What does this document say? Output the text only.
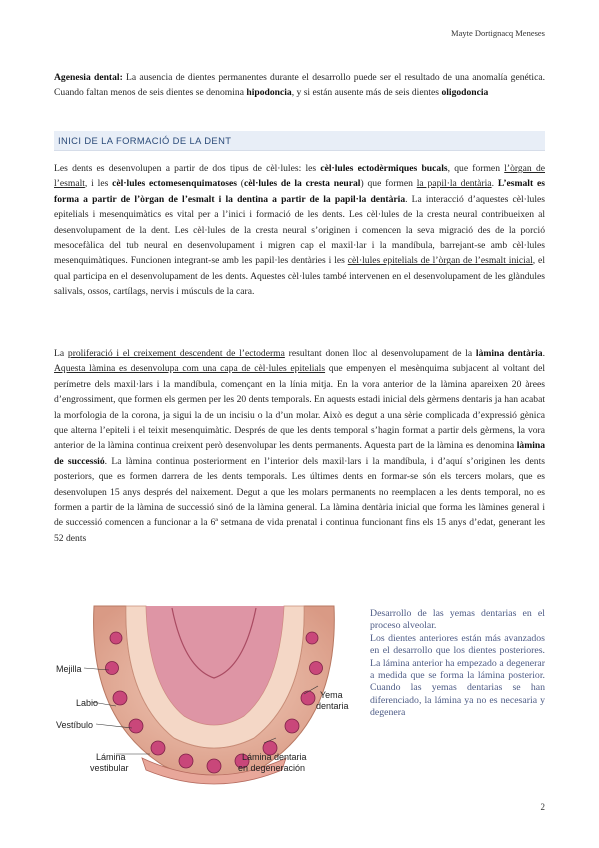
Mayte Dortignacq Meneses
Agenesia dental: La ausencia de dientes permanentes durante el desarrollo puede ser el resultado de una anomalía genética. Cuando faltan menos de seis dientes se denomina hipodoncia, y si están ausente más de seis dientes oligodoncia
INICI DE LA FORMACIÓ DE LA DENT
Les dents es desenvolupen a partir de dos tipus de cèl·lules: les cèl·lules ectodèrmiques bucals, que formen l’òrgan de l’esmalt, i les cèl·lules ectomesenquimatoses (cèl·lules de la cresta neural) que formen la papil·la dentària. L’esmalt es forma a partir de l’òrgan de l’esmalt i la dentina a partir de la papil·la dentària. La interacció d’aquestes cèl·lules epitelials i mesenquimàtics es vital per a l’inici i formació de les dents. Les cèl·lules de la cresta neural contribueixen al desenvolupament de la dent. Les cèl·lules de la cresta neural s’originen i comencen la seva migració des de la porció mesocefàlica del tub neural en desenvolupament i migren cap el maxil·lar i la mandíbula, barrejant-se amb cèl·lules mesenquimàtiques. Funcionen integrant-se amb les papil·les dentàries i les cèl·lules epitelials de l’òrgan de l’esmalt inicial, el qual participa en el desenvolupament de les dents. Aquestes cèl·lules també intervenen en el desenvolupament de les glàndules salivals, ossos, cartílags, nervis i músculs de la cara.
La proliferació i el creixement descendent de l’ectoderma resultant donen lloc al desenvolupament de la làmina dentària. Aquesta làmina es desenvolupa com una capa de cèl·lules epitelials que empenyen el mesènquima subjacent al voltant del perímetre dels maxil·lars i la mandíbula, començant en la línia mitja. En la vora anterior de la làmina apareixen 20 àrees d’engrossiment, que formen els germen per les 20 dents temporals. En aquests estadi inicial dels gèrmens dentaris ja han acabat la morfologia de la corona, ja sigui la de un incisiu o la d’un molar. Això es degut a una sèrie complicada d’expressió gènica que alterna l’epiteli i el teixit mesenquimàtic. Després de que les dents temporal s’hagin format a partir dels gèrmens, la vora anterior de la làmina continua creixent però desenvolupar les dents permanents. Aquesta part de la làmina es denomina làmina de successió. La làmina continua posteriorment en l’interior dels maxil·lars i la mandíbula, i d’aquí s’originen les dents posteriors, que es formen darrera de les dents temporals. Les últimes dents en formar-se són els tercers molars, que es desenvolupen 15 anys després del naixement. Degut a que les molars permanents no reemplacen a les dents temporal, no es formen a partir de la làmina de successió sinó de la làmina general. La làmina dentària inicial que forma les làmines general i de successió comencen a funcionar a la 6ª setmana de vida prenatal i continua funcionant fins els 15 anys d’edat, generant les 52 dents
Mejilla
Labio
Vestíbulo
Lámina
vestibular
Yema
dentaria
Lámina dentaria
en degeneración

Desarrollo de las yemas dentarias en el proceso alveolar.

Los dientes anteriores están más avanzados en el desarrollo que los dientes posteriores. La lámina anterior ha empezado a degenerar a medida que se forma la lámina posterior. Cuando las yemas dentarias se han diferenciado, la lámina ya no es necesaria y degenera

2
